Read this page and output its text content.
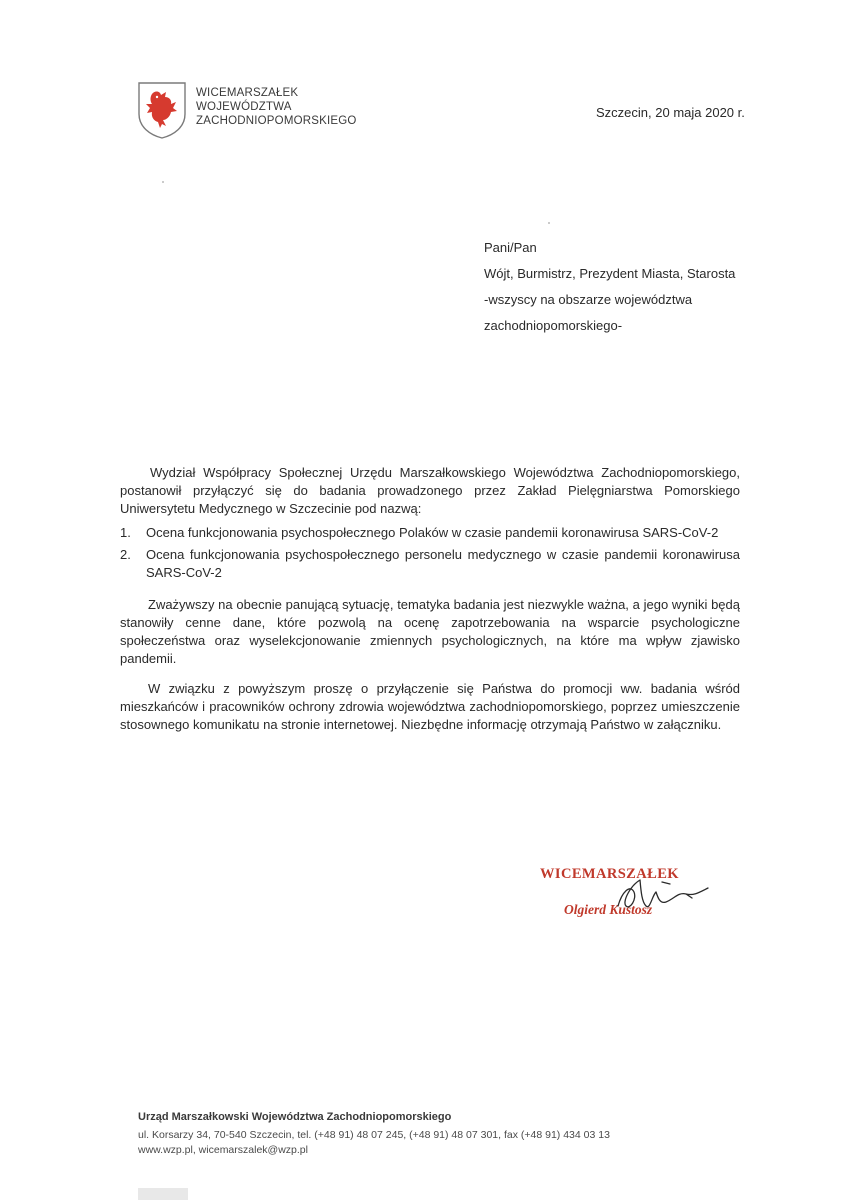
WICEMARSZAŁEK
WOJEWÓDZTWA
ZACHODNIOPOMORSKIEGO
Szczecin, 20 maja 2020 r.
Pani/Pan
Wójt, Burmistrz, Prezydent Miasta, Starosta
-wszyscy na obszarze województwa
zachodniopomorskiego-

Wydział Współpracy Społecznej Urzędu Marszałkowskiego Województwa Zachodniopomorskiego, postanowił przyłączyć się do badania prowadzonego przez Zakład Pielęgniarstwa Pomorskiego Uniwersytetu Medycznego w Szczecinie pod nazwą:

1. Ocena funkcjonowania psychospołecznego Polaków w czasie pandemii koronawirusa SARS-CoV-2
2. Ocena funkcjonowania psychospołecznego personelu medycznego w czasie pandemii koronawirusa SARS-CoV-2

Zważywszy na obecnie panującą sytuację, tematyka badania jest niezwykle ważna, a jego wyniki będą stanowiły cenne dane, które pozwolą na ocenę zapotrzebowania na wsparcie psychologiczne społeczeństwa oraz wyselekcjonowanie zmiennych psychologicznych, na które ma wpływ zjawisko pandemii.

W związku z powyższym proszę o przyłączenie się Państwa do promocji ww. badania wśród mieszkańców i pracowników ochrony zdrowia województwa zachodniopomorskiego, poprzez umieszczenie stosownego komunikatu na stronie internetowej. Niezbędne informację otrzymają Państwo w załączniku.

WICEMARSZAŁEK
Olgierd Kustosz
Urząd Marszałkowski Województwa Zachodniopomorskiego
ul. Korsarzy 34, 70-540 Szczecin, tel. (+48 91) 48 07 245, (+48 91) 48 07 301, fax (+48 91) 434 03 13
www.wzp.pl, wicemarszalek@wzp.pl
